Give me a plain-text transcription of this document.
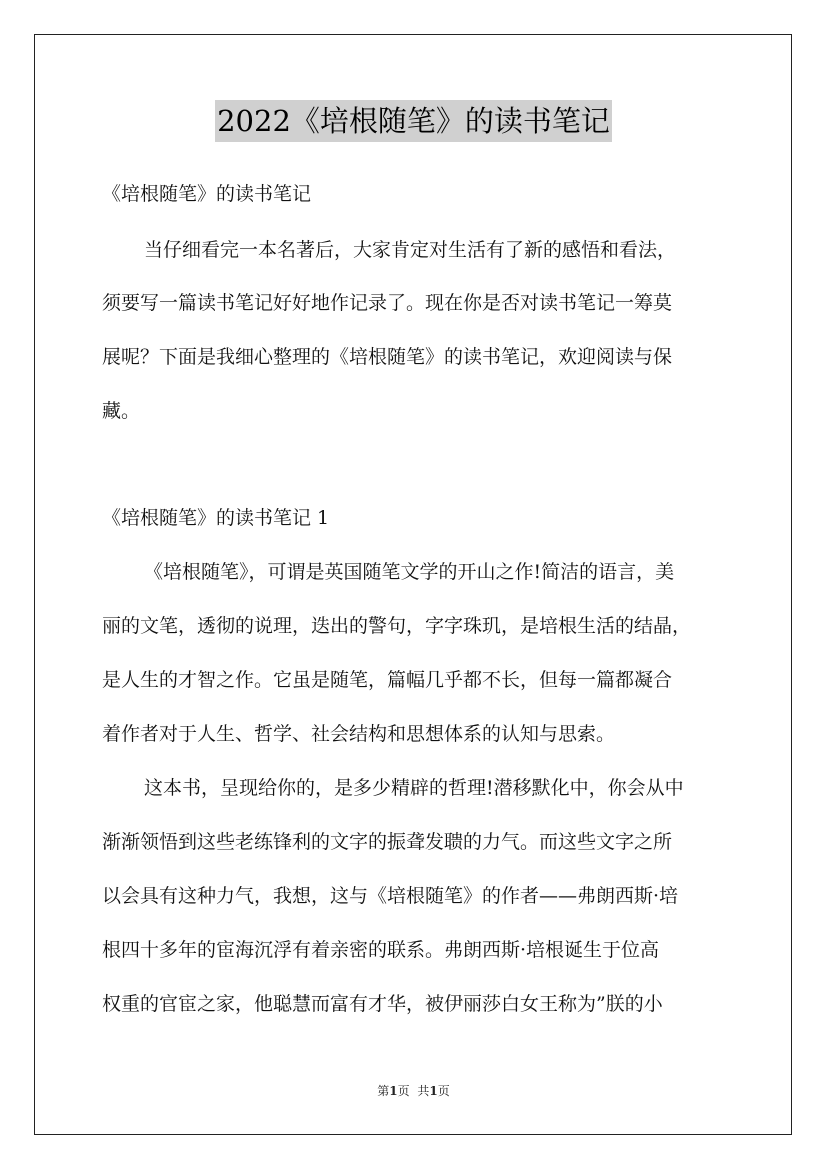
2022《培根随笔》的读书笔记
《培根随笔》的读书笔记
当仔细看完一本名著后，大家肯定对生活有了新的感悟和看法，
须要写一篇读书笔记好好地作记录了。现在你是否对读书笔记一筹莫
展呢？下面是我细心整理的《培根随笔》的读书笔记，欢迎阅读与保
藏。
《培根随笔》的读书笔记 1
《培根随笔》，可谓是英国随笔文学的开山之作!简洁的语言，美
丽的文笔，透彻的说理，迭出的警句，字字珠玑，是培根生活的结晶，
是人生的才智之作。它虽是随笔，篇幅几乎都不长，但每一篇都凝合
着作者对于人生、哲学、社会结构和思想体系的认知与思索。
这本书，呈现给你的，是多少精辟的哲理!潜移默化中，你会从中
渐渐领悟到这些老练锋利的文字的振聋发聩的力气。而这些文字之所
以会具有这种力气，我想，这与《培根随笔》的作者——弗朗西斯·培
根四十多年的宦海沉浮有着亲密的联系。弗朗西斯·培根诞生于位高
权重的官宦之家，他聪慧而富有才华，被伊丽莎白女王称为”朕的小
第1页 共1页
